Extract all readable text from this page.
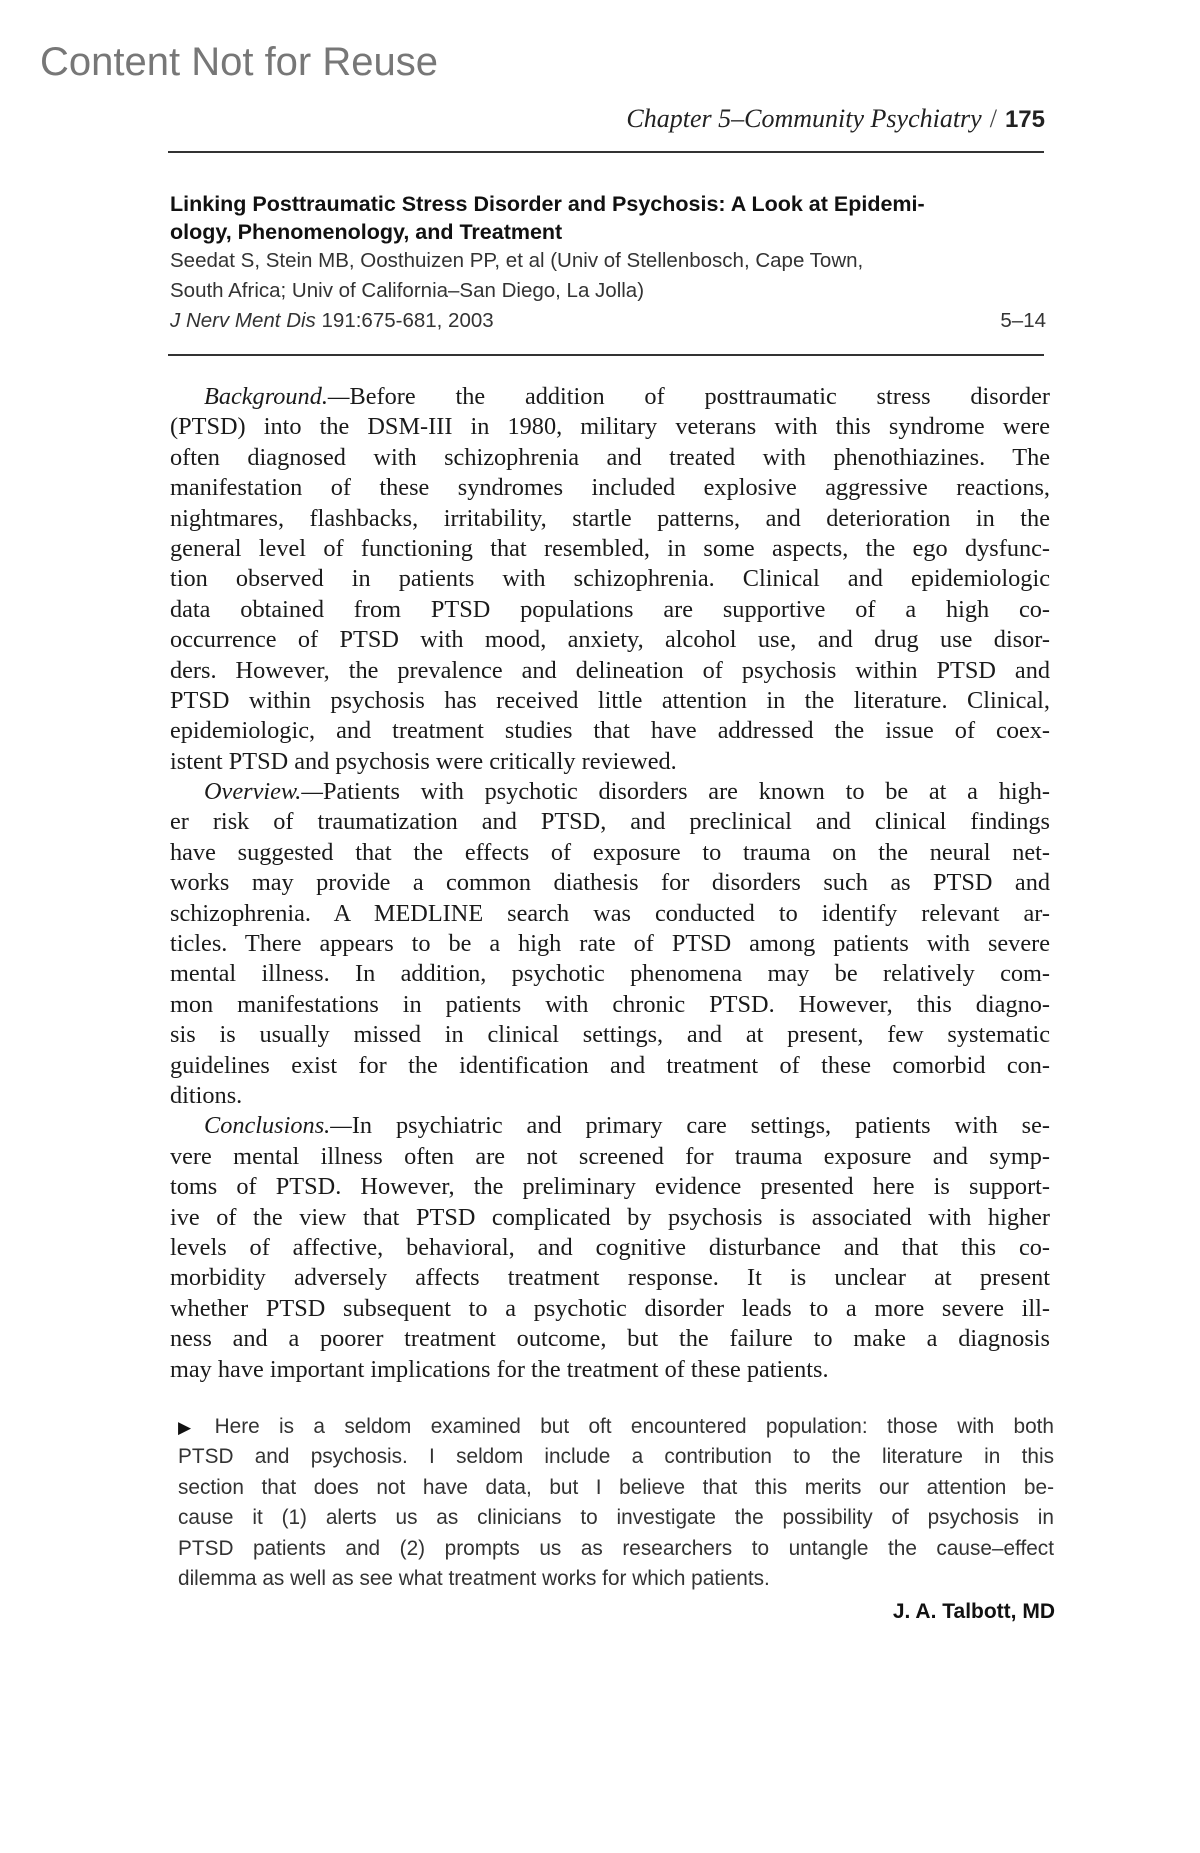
Content Not for Reuse
Chapter 5–Community Psychiatry / 175
Linking Posttraumatic Stress Disorder and Psychosis: A Look at Epidemi-
ology, Phenomenology, and Treatment
Seedat S, Stein MB, Oosthuizen PP, et al (Univ of Stellenbosch, Cape Town,
South Africa; Univ of California–San Diego, La Jolla)
J Nerv Ment Dis 191:675-681, 2003	5–14
Background.—Before the addition of posttraumatic stress disorder
(PTSD) into the DSM-III in 1980, military veterans with this syndrome were
often diagnosed with schizophrenia and treated with phenothiazines. The
manifestation of these syndromes included explosive aggressive reactions,
nightmares, flashbacks, irritability, startle patterns, and deterioration in the
general level of functioning that resembled, in some aspects, the ego dysfunc-
tion observed in patients with schizophrenia. Clinical and epidemiologic
data obtained from PTSD populations are supportive of a high co-
occurrence of PTSD with mood, anxiety, alcohol use, and drug use disor-
ders. However, the prevalence and delineation of psychosis within PTSD and
PTSD within psychosis has received little attention in the literature. Clinical,
epidemiologic, and treatment studies that have addressed the issue of coex-
istent PTSD and psychosis were critically reviewed.
Overview.—Patients with psychotic disorders are known to be at a high-
er risk of traumatization and PTSD, and preclinical and clinical findings
have suggested that the effects of exposure to trauma on the neural net-
works may provide a common diathesis for disorders such as PTSD and
schizophrenia. A MEDLINE search was conducted to identify relevant ar-
ticles. There appears to be a high rate of PTSD among patients with severe
mental illness. In addition, psychotic phenomena may be relatively com-
mon manifestations in patients with chronic PTSD. However, this diagno-
sis is usually missed in clinical settings, and at present, few systematic
guidelines exist for the identification and treatment of these comorbid con-
ditions.
Conclusions.—In psychiatric and primary care settings, patients with se-
vere mental illness often are not screened for trauma exposure and symp-
toms of PTSD. However, the preliminary evidence presented here is support-
ive of the view that PTSD complicated by psychosis is associated with higher
levels of affective, behavioral, and cognitive disturbance and that this co-
morbidity adversely affects treatment response. It is unclear at present
whether PTSD subsequent to a psychotic disorder leads to a more severe ill-
ness and a poorer treatment outcome, but the failure to make a diagnosis
may have important implications for the treatment of these patients.
▶ Here is a seldom examined but oft encountered population: those with both
PTSD and psychosis. I seldom include a contribution to the literature in this
section that does not have data, but I believe that this merits our attention be-
cause it (1) alerts us as clinicians to investigate the possibility of psychosis in
PTSD patients and (2) prompts us as researchers to untangle the cause–effect
dilemma as well as see what treatment works for which patients.
J. A. Talbott, MD
